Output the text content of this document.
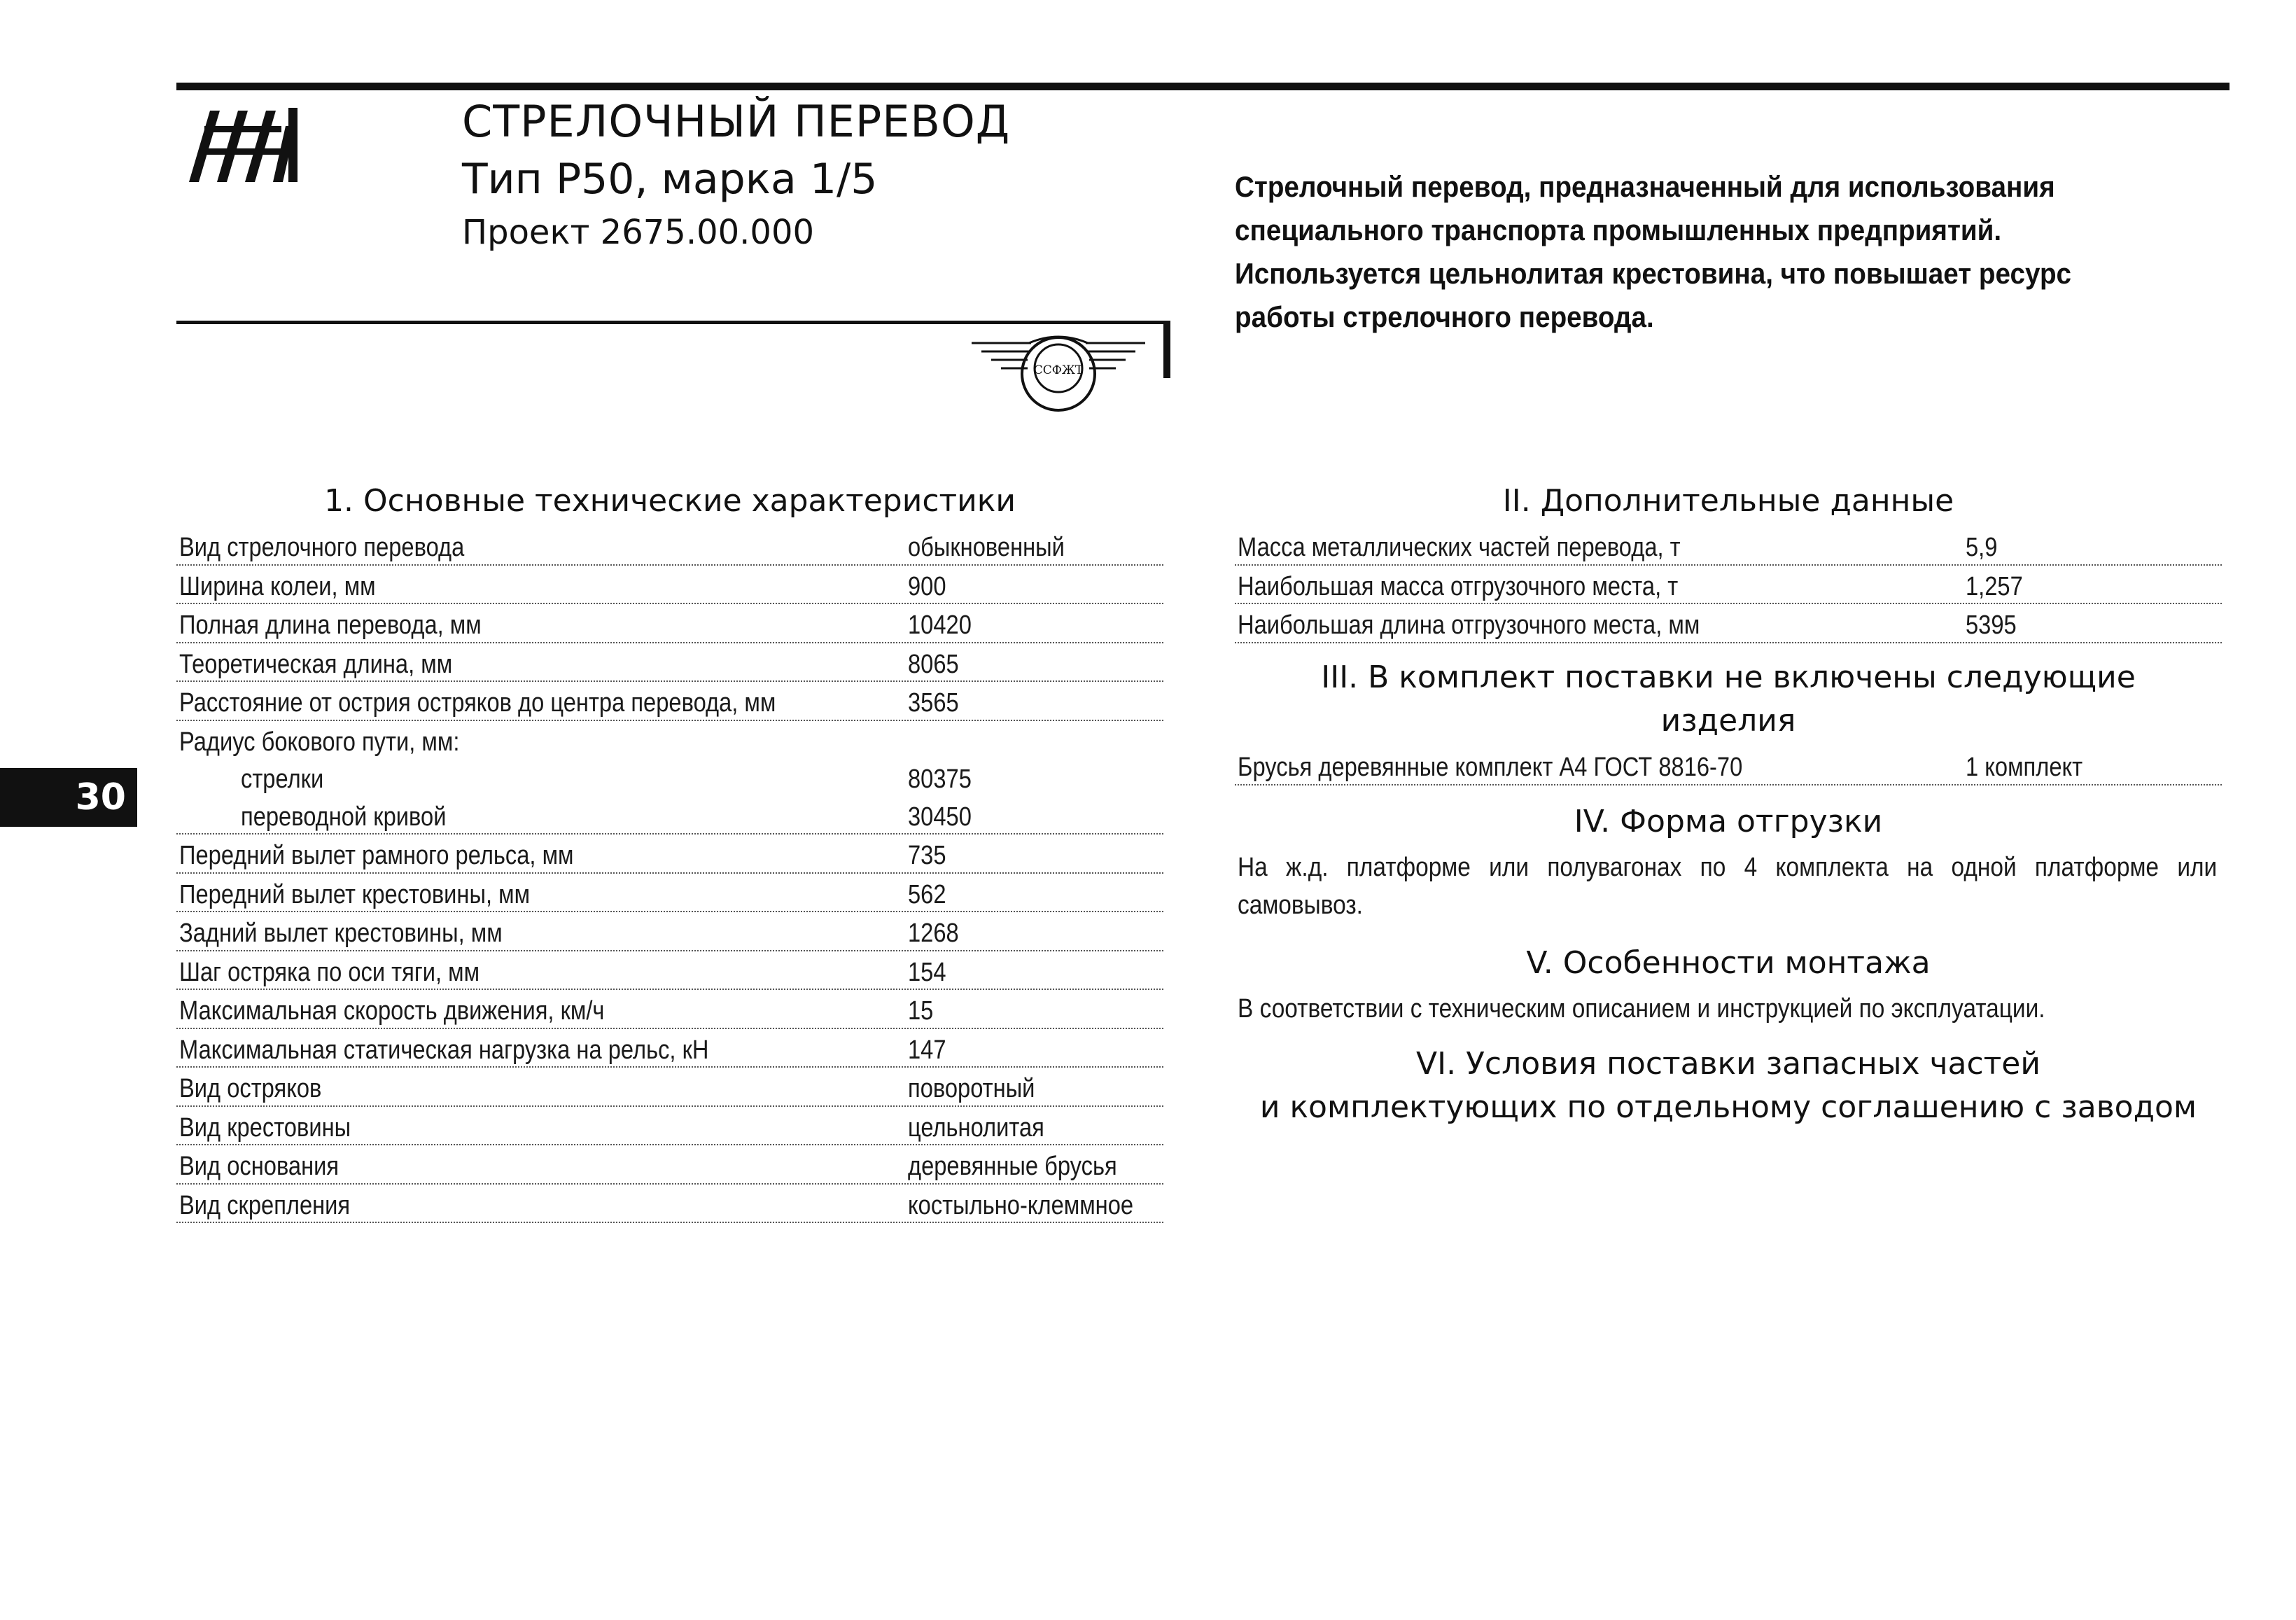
СТРЕЛОЧНЫЙ ПЕРЕВОД
Тип Р50, марка 1/5
Проект 2675.00.000
ССФЖТ
Стрелочный перевод, предназначенный для использования специального транспорта промышленных предприятий. Используется цельнолитая крестовина, что повышает ресурс работы стрелочного перевода.
30
1. Основные технические характеристики
Вид стрелочного перевода	обыкновенный
Ширина колеи, мм	900
Полная длина перевода, мм	10420
Теоретическая длина, мм	8065
Расстояние от острия остряков до центра перевода, мм	3565
Радиус бокового пути, мм:
стрелки	80375
переводной кривой	30450
Передний вылет рамного рельса, мм	735
Передний вылет крестовины, мм	562
Задний вылет крестовины, мм	1268
Шаг остряка по оси тяги, мм	154
Максимальная скорость движения, км/ч	15
Максимальная статическая нагрузка на рельс, кН	147
Вид остряков	поворотный
Вид крестовины	цельнолитая
Вид основания	деревянные брусья
Вид скрепления	костыльно-клеммное
II. Дополнительные данные
Масса металлических частей перевода, т	5,9
Наибольшая масса отгрузочного места, т	1,257
Наибольшая длина отгрузочного места, мм	5395
III. В комплект поставки не включены следующие
изделия
Брусья деревянные комплект А4 ГОСТ 8816-70	1 комплект
IV. Форма отгрузки
На ж.д. платформе или полувагонах по 4 комплекта на одной платформе или самовывоз.
V. Особенности монтажа
В соответствии с техническим описанием и инструкцией по эксплуатации.
VI. Условия поставки запасных частей
и комплектующих по отдельному соглашению с заводом
